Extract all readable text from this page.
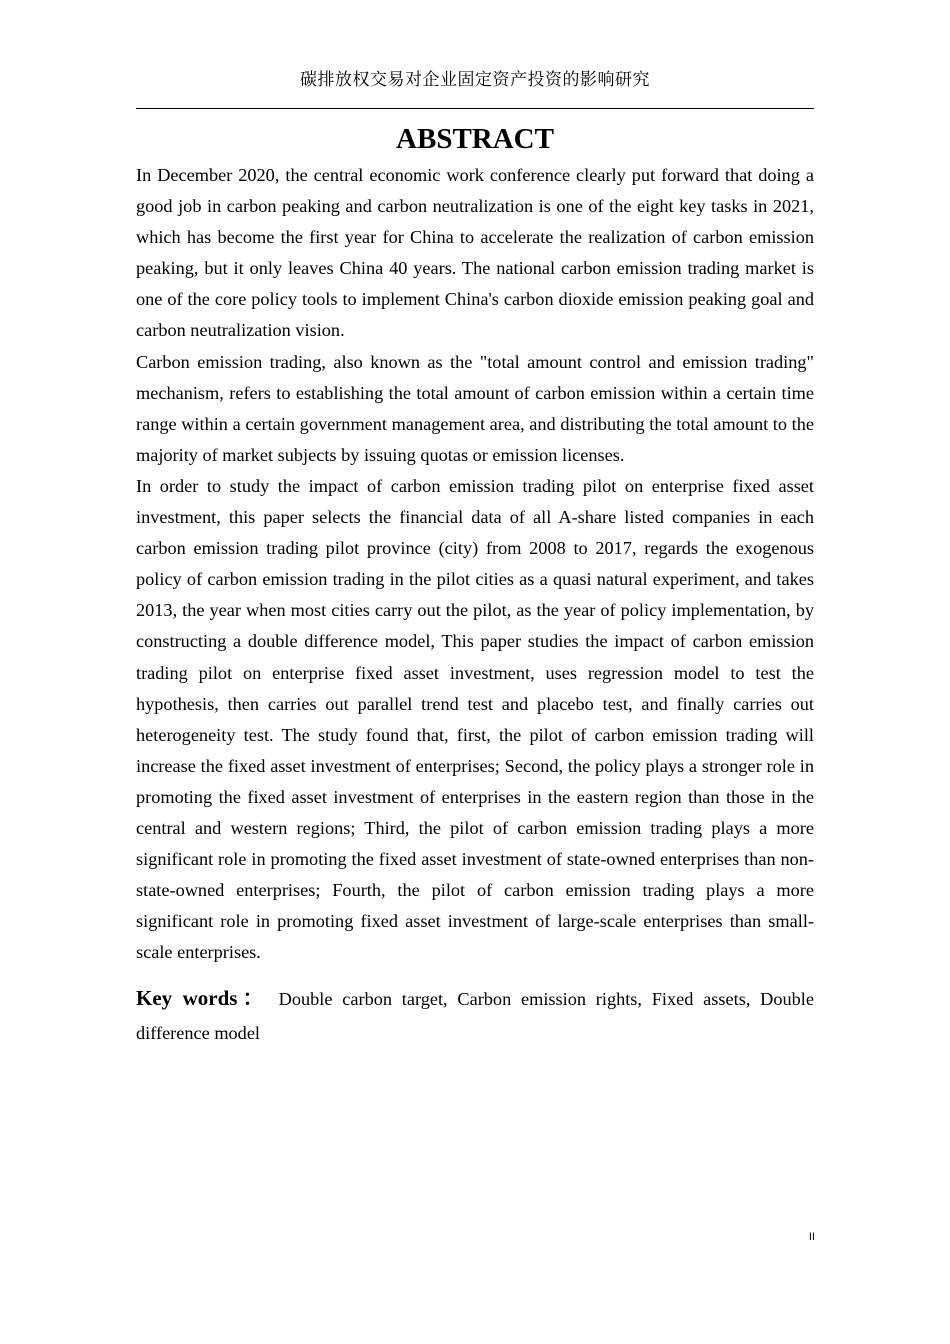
碳排放权交易对企业固定资产投资的影响研究
ABSTRACT

In December 2020, the central economic work conference clearly put forward that doing a good job in carbon peaking and carbon neutralization is one of the eight key tasks in 2021, which has become the first year for China to accelerate the realization of carbon emission peaking, but it only leaves China 40 years. The national carbon emission trading market is one of the core policy tools to implement China's carbon dioxide emission peaking goal and carbon neutralization vision.

Carbon emission trading, also known as the "total amount control and emission trading" mechanism, refers to establishing the total amount of carbon emission within a certain time range within a certain government management area, and distributing the total amount to the majority of market subjects by issuing quotas or emission licenses.

In order to study the impact of carbon emission trading pilot on enterprise fixed asset investment, this paper selects the financial data of all A-share listed companies in each carbon emission trading pilot province (city) from 2008 to 2017, regards the exogenous policy of carbon emission trading in the pilot cities as a quasi natural experiment, and takes 2013, the year when most cities carry out the pilot, as the year of policy implementation, by constructing a double difference model, This paper studies the impact of carbon emission trading pilot on enterprise fixed asset investment, uses regression model to test the hypothesis, then carries out parallel trend test and placebo test, and finally carries out heterogeneity test. The study found that, first, the pilot of carbon emission trading will increase the fixed asset investment of enterprises; Second, the policy plays a stronger role in promoting the fixed asset investment of enterprises in the eastern region than those in the central and western regions; Third, the pilot of carbon emission trading plays a more significant role in promoting the fixed asset investment of state-owned enterprises than non-state-owned enterprises; Fourth, the pilot of carbon emission trading plays a more significant role in promoting fixed asset investment of large-scale enterprises than small-scale enterprises.

Key words： Double carbon target, Carbon emission rights, Fixed assets, Double difference model

II
